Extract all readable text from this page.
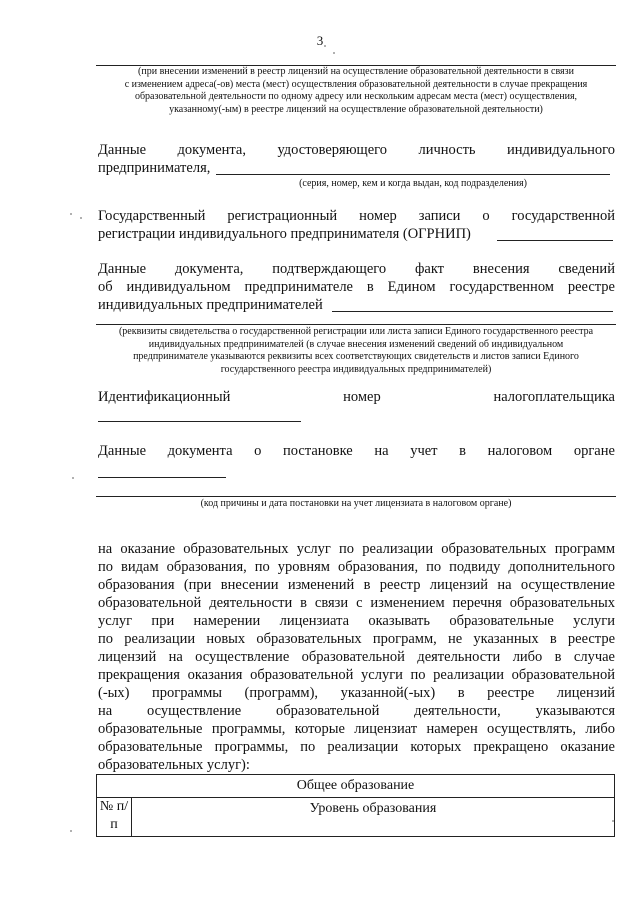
3
(при внесении изменений в реестр лицензий на осуществление образовательной деятельности в связи
с изменением адреса(-ов) места (мест) осуществления образовательной деятельности в случае прекращения
образовательной деятельности по одному адресу или нескольким адресам места (мест) осуществления,
указанному(-ым) в реестре лицензий на осуществление образовательной деятельности)
Данные документа, удостоверяющего личность индивидуального
предпринимателя,
(серия, номер, кем и когда выдан, код подразделения)
Государственный регистрационный номер записи о государственной
регистрации индивидуального предпринимателя (ОГРНИП)
Данные документа, подтверждающего факт внесения сведений
об индивидуальном предпринимателе в Едином государственном реестре
индивидуальных предпринимателей
(реквизиты свидетельства о государственной регистрации или листа записи Единого государственного реестра
индивидуальных предпринимателей (в случае внесения изменений сведений об индивидуальном
предпринимателе указываются реквизиты всех соответствующих свидетельств и листов записи Единого
государственного реестра индивидуальных предпринимателей)
Идентификационный	номер	налогоплательщика
Данные документа о постановке на учет в налоговом органе
(код причины и дата постановки на учет лицензиата в налоговом органе)
на оказание образовательных услуг по реализации образовательных программ
по видам образования, по уровням образования, по подвиду дополнительного
образования (при внесении изменений в реестр лицензий на осуществление
образовательной деятельности в связи с изменением перечня образовательных
услуг при намерении лицензиата оказывать образовательные услуги
по реализации новых образовательных программ, не указанных в реестре
лицензий на осуществление образовательной деятельности либо в случае
прекращения оказания образовательной услуги по реализации образовательной
(-ых) программы (программ), указанной(-ых) в реестре лицензий
на осуществление образовательной деятельности, указываются
образовательные программы, которые лицензиат намерен осуществлять, либо
образовательные программы, по реализации которых прекращено оказание
образовательных услуг):
Общее образование
№ п/п	Уровень образования
